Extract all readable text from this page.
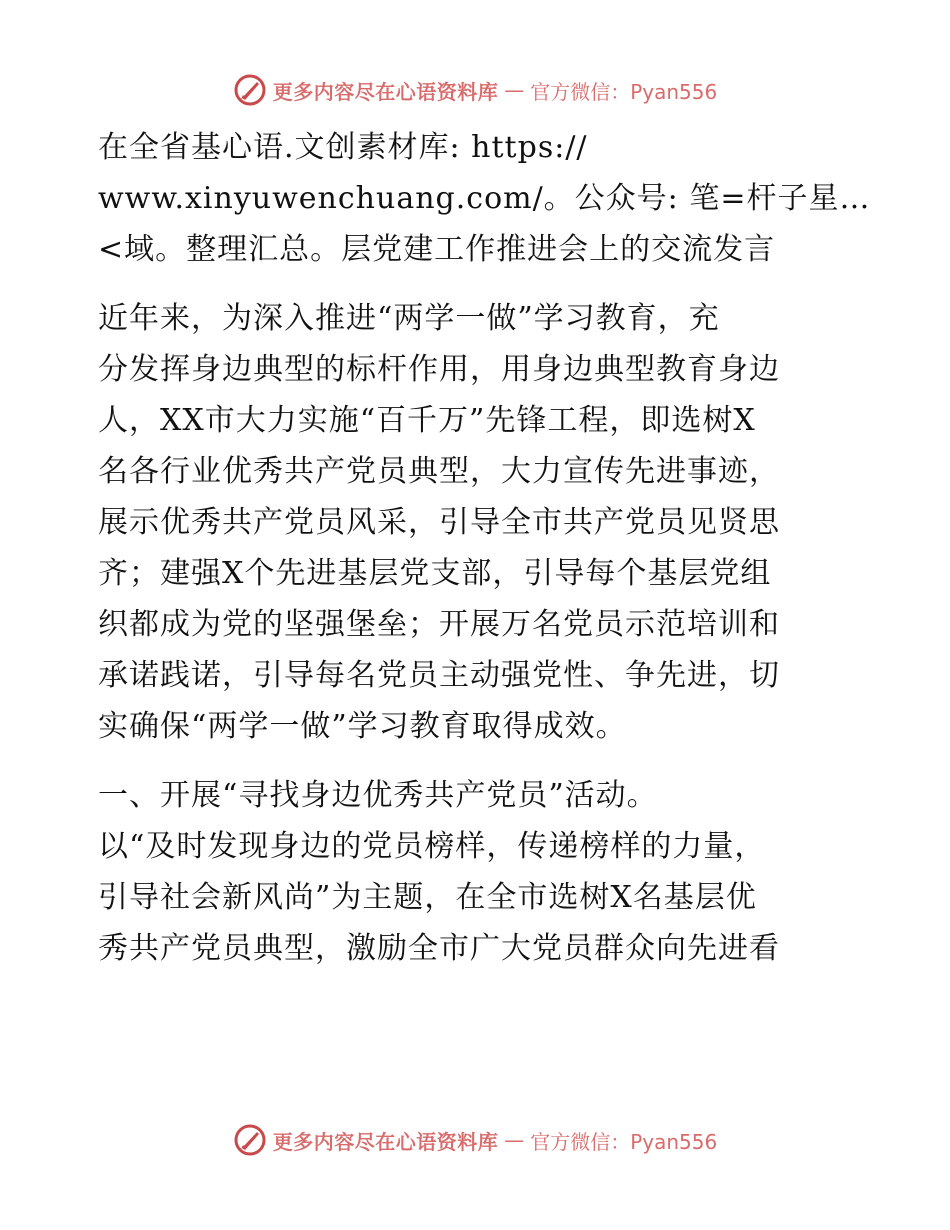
更多内容尽在心语资料库 — 官方微信：Pyan556
在全省基心语.文创素材库: https://
www.xinyuwenchuang.com/。公众号: 笔=杆子星…
<域。整理汇总。层党建工作推进会上的交流发言
近年来，为深入推进“两学一做”学习教育，充
分发挥身边典型的标杆作用，用身边典型教育身边
人，XX市大力实施“百千万”先锋工程，即选树X
名各行业优秀共产党员典型，大力宣传先进事迹，
展示优秀共产党员风采，引导全市共产党员见贤思
齐；建强X个先进基层党支部，引导每个基层党组
织都成为党的坚强堡垒；开展万名党员示范培训和
承诺践诺，引导每名党员主动强党性、争先进，切
实确保“两学一做”学习教育取得成效。
一、开展“寻找身边优秀共产党员”活动。
以“及时发现身边的党员榜样，传递榜样的力量，
引导社会新风尚”为主题，在全市选树X名基层优
秀共产党员典型，激励全市广大党员群众向先进看
更多内容尽在心语资料库 — 官方微信：Pyan556
